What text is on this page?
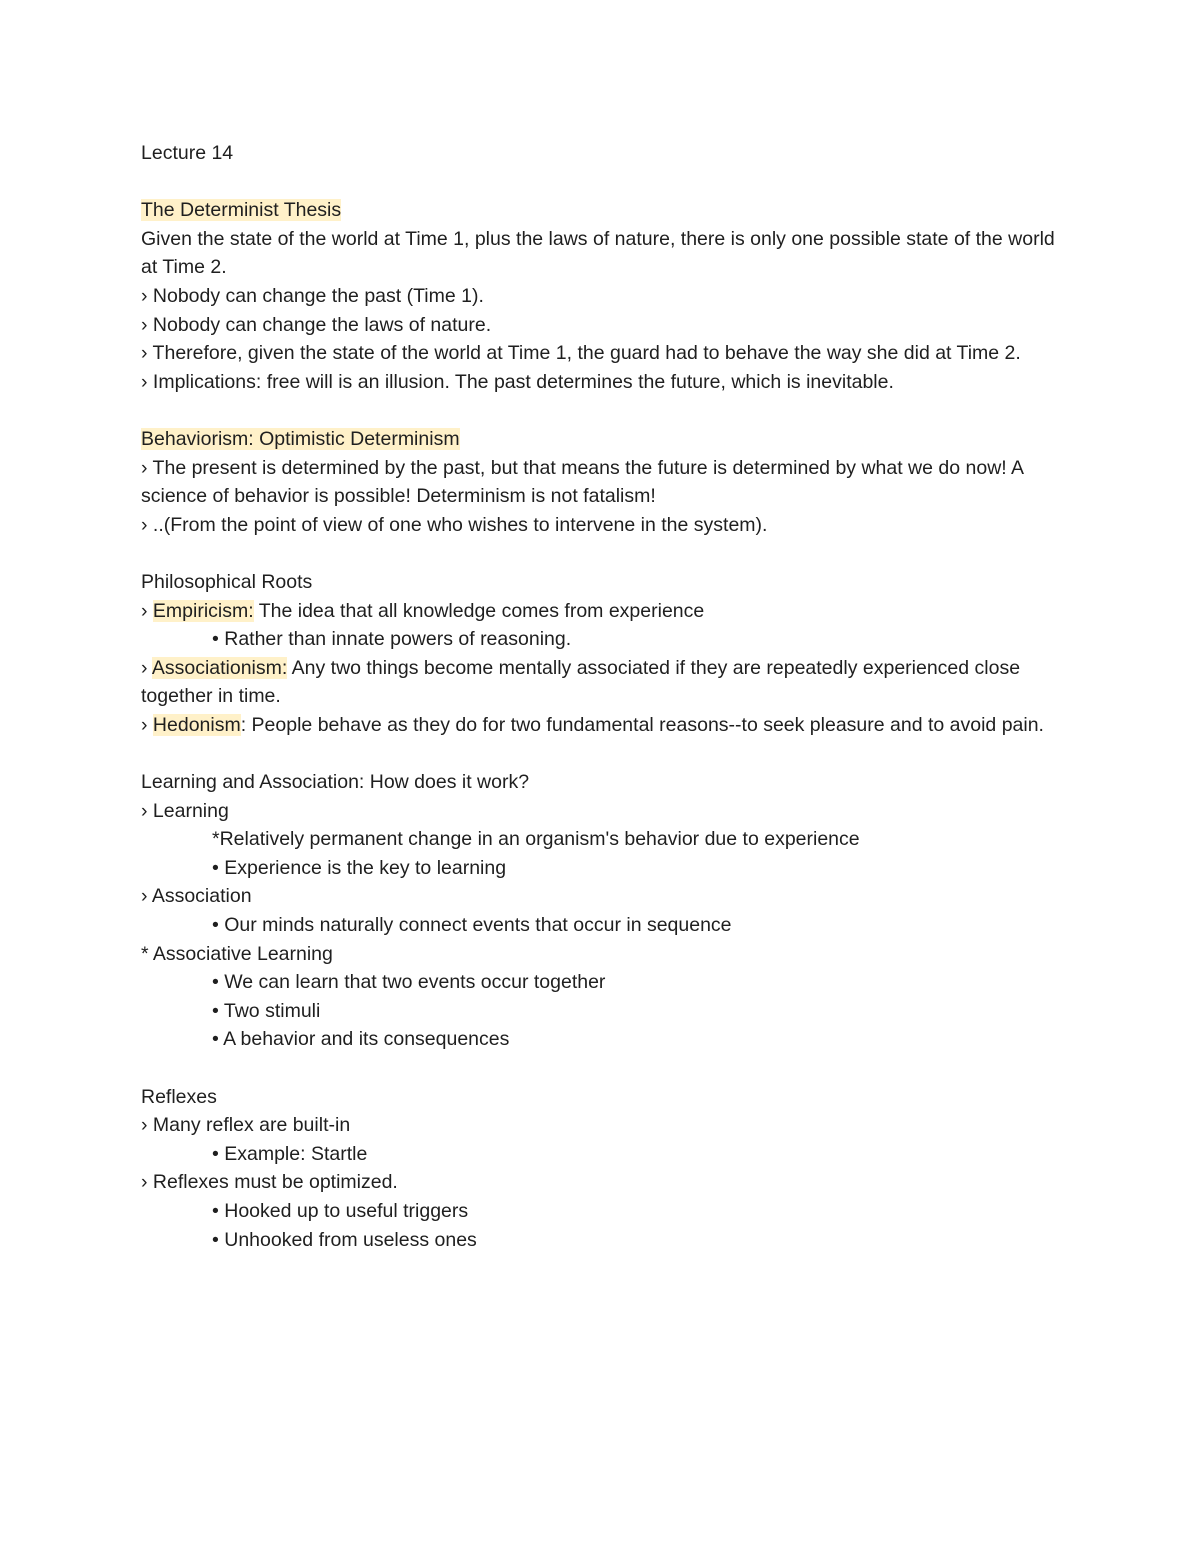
Lecture 14

The Determinist Thesis

Given the state of the world at Time 1, plus the laws of nature, there is only one possible state of the world at Time 2.

› Nobody can change the past (Time 1).

› Nobody can change the laws of nature.

› Therefore, given the state of the world at Time 1, the guard had to behave the way she did at Time 2.

› Implications: free will is an illusion. The past determines the future, which is inevitable.

Behaviorism: Optimistic Determinism

› The present is determined by the past, but that means the future is determined by what we do now! A science of behavior is possible! Determinism is not fatalism!

› ..(From the point of view of one who wishes to intervene in the system).

Philosophical Roots

› Empiricism: The idea that all knowledge comes from experience

• Rather than innate powers of reasoning.

› Associationism: Any two things become mentally associated if they are repeatedly experienced close together in time.

› Hedonism: People behave as they do for two fundamental reasons--to seek pleasure and to avoid pain.

Learning and Association: How does it work?

› Learning

*Relatively permanent change in an organism's behavior due to experience

• Experience is the key to learning

› Association

• Our minds naturally connect events that occur in sequence

* Associative Learning

• We can learn that two events occur together

• Two stimuli

• A behavior and its consequences

Reflexes

› Many reflex are built-in

• Example: Startle

› Reflexes must be optimized.

• Hooked up to useful triggers

• Unhooked from useless ones
